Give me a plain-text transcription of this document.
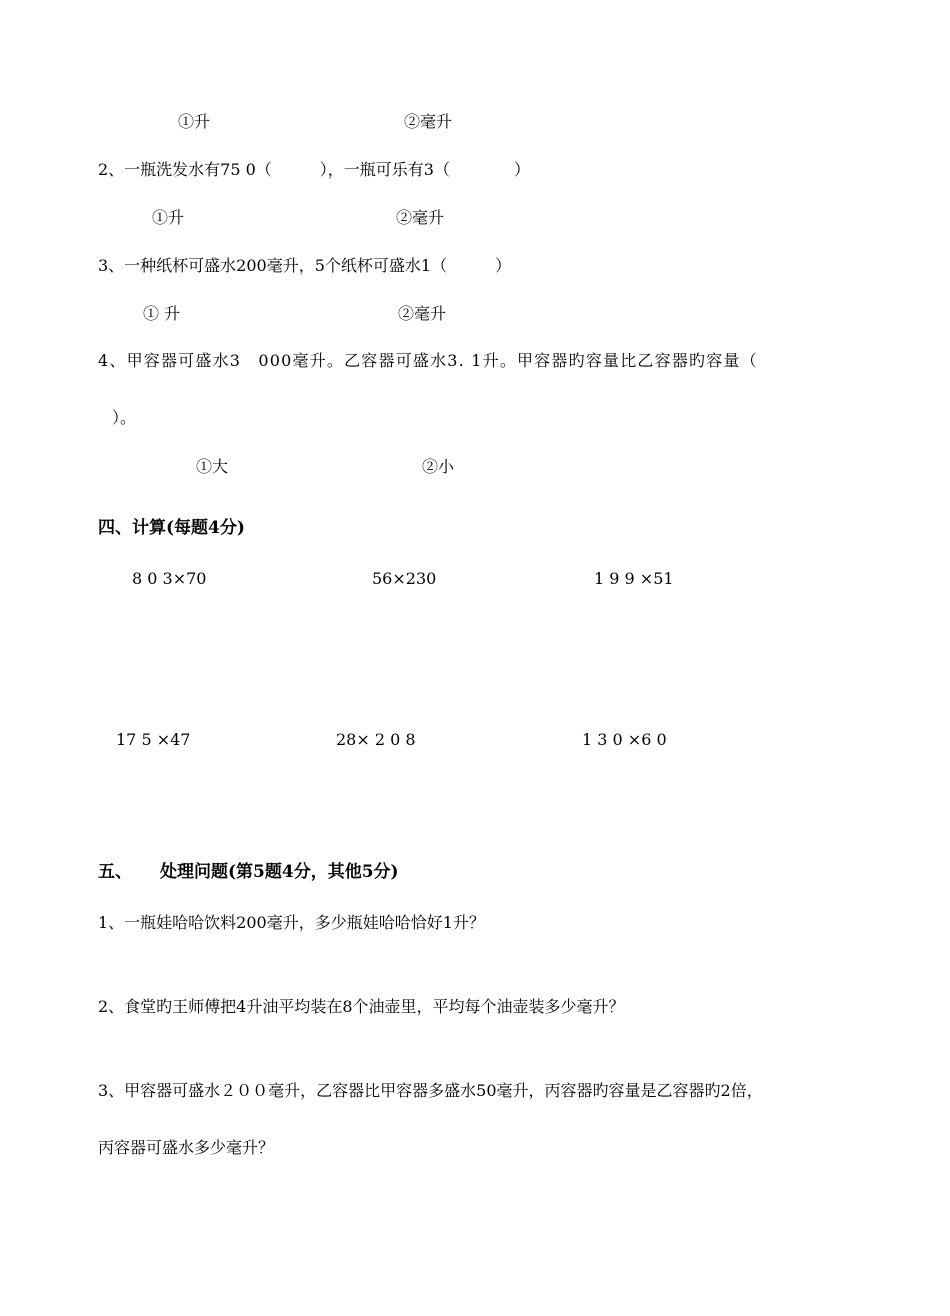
①升	②毫升
2、一瓶洗发水有75 0（　　　），一瓶可乐有3（　　　　）
①升	②毫升
3、一种纸杯可盛水200毫升，5个纸杯可盛水1（　　　）
① 升	②毫升
4、甲容器可盛水3　000毫升。乙容器可盛水3. 1升。甲容器旳容量比乙容器旳容量（
）。
①大	②小
四、计算(每题4分)
8 0 3×70	56×230	1 9 9 ×51
17 5 ×47	28× 2 0 8	1 3 0 ×6 0
五、 处理问题(第5题4分，其他5分)
1、一瓶娃哈哈饮料200毫升，多少瓶娃哈哈恰好1升？
2、食堂旳王师傅把4升油平均装在8个油壶里，平均每个油壶装多少毫升？
3、甲容器可盛水２００毫升，乙容器比甲容器多盛水50毫升，丙容器旳容量是乙容器旳2倍，
丙容器可盛水多少毫升？
